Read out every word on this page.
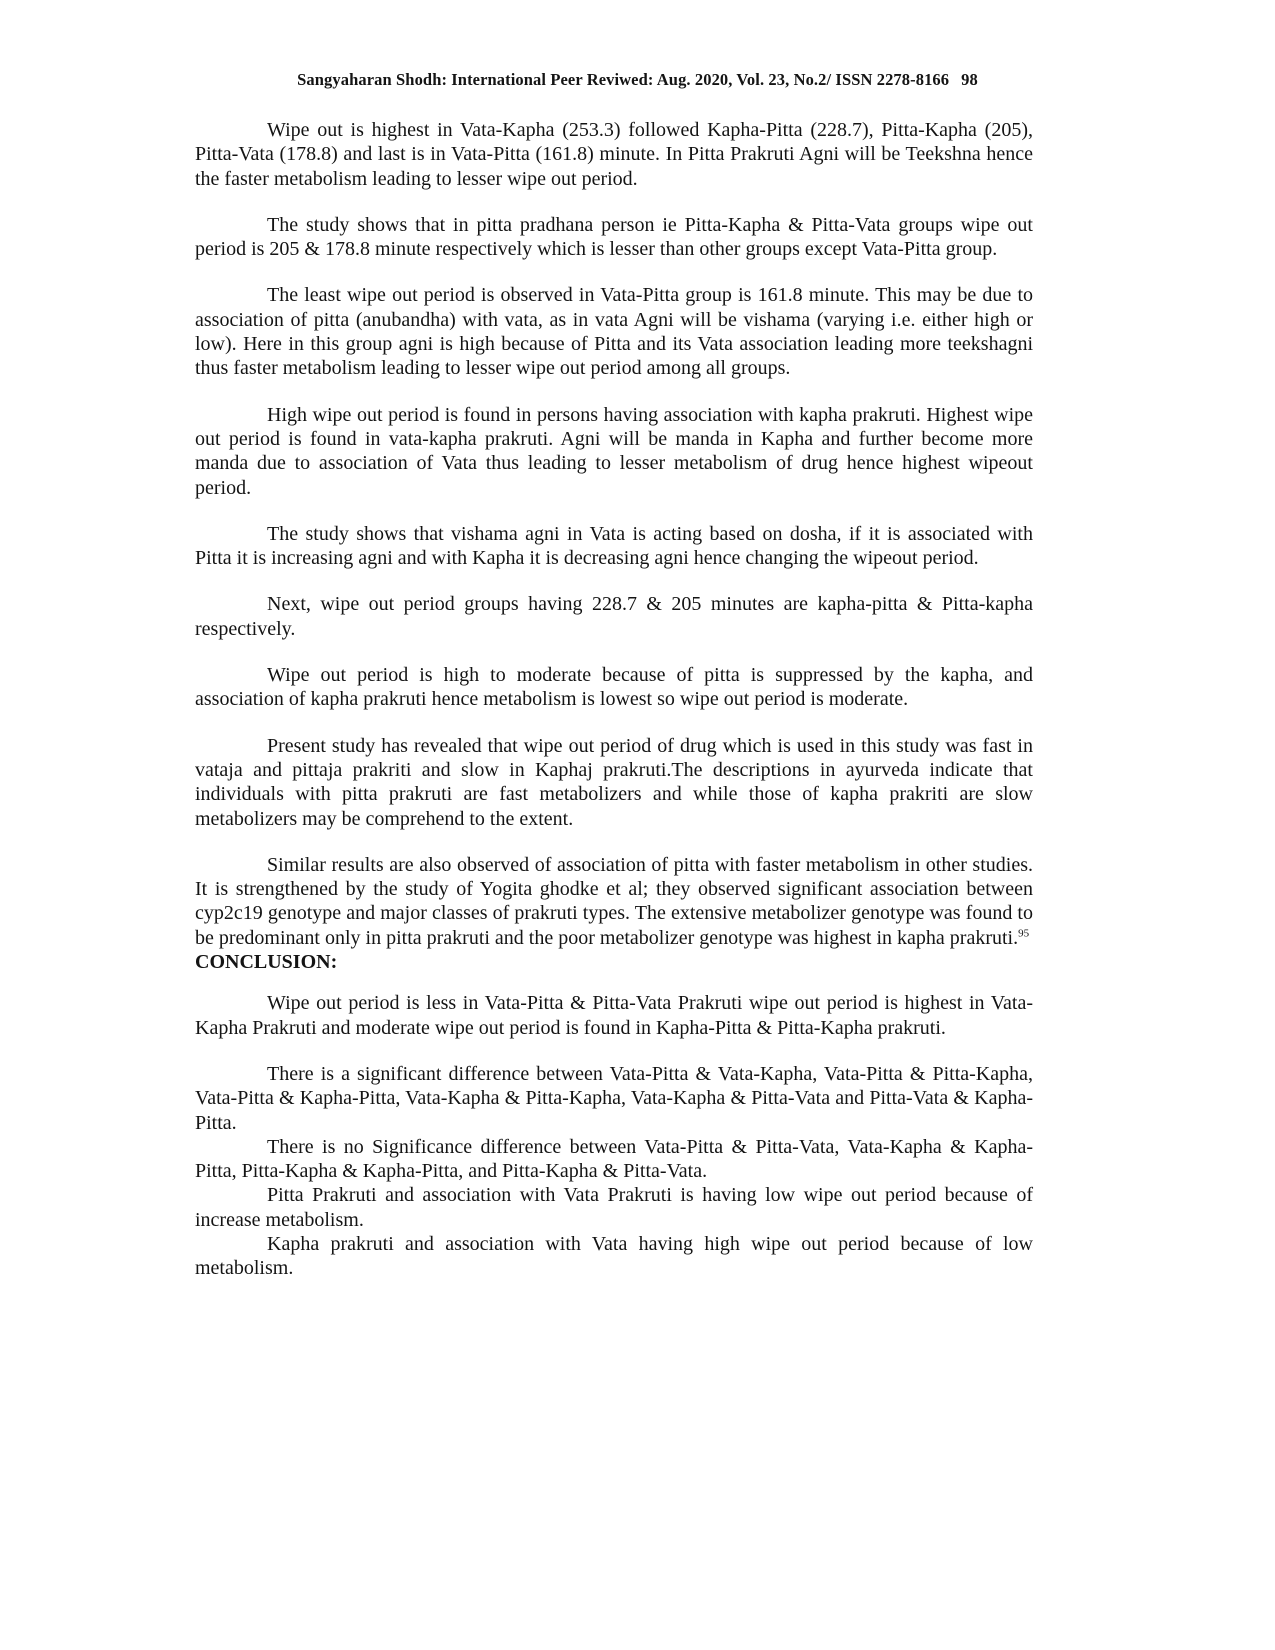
Sangyaharan Shodh: International Peer Reviwed: Aug. 2020, Vol. 23, No.2/ ISSN 2278-8166 98

Wipe out is highest in Vata-Kapha (253.3) followed Kapha-Pitta (228.7), Pitta-Kapha (205), Pitta-Vata (178.8) and last is in Vata-Pitta (161.8) minute. In Pitta Prakruti Agni will be Teekshna hence the faster metabolism leading to lesser wipe out period.

The study shows that in pitta pradhana person ie Pitta-Kapha & Pitta-Vata groups wipe out period is 205 & 178.8 minute respectively which is lesser than other groups except Vata-Pitta group.

The least wipe out period is observed in Vata-Pitta group is 161.8 minute. This may be due to association of pitta (anubandha) with vata, as in vata Agni will be vishama (varying i.e. either high or low). Here in this group agni is high because of Pitta and its Vata association leading more teekshagni thus faster metabolism leading to lesser wipe out period among all groups.

High wipe out period is found in persons having association with kapha prakruti. Highest wipe out period is found in vata-kapha prakruti. Agni will be manda in Kapha and further become more manda due to association of Vata thus leading to lesser metabolism of drug hence highest wipeout period.

The study shows that vishama agni in Vata is acting based on dosha, if it is associated with Pitta it is increasing agni and with Kapha it is decreasing agni hence changing the wipeout period.

Next, wipe out period groups having 228.7 & 205 minutes are kapha-pitta & Pitta-kapha respectively.

Wipe out period is high to moderate because of pitta is suppressed by the kapha, and association of kapha prakruti hence metabolism is lowest so wipe out period is moderate.

Present study has revealed that wipe out period of drug which is used in this study was fast in vataja and pittaja prakriti and slow in Kaphaj prakruti.The descriptions in ayurveda indicate that individuals with pitta prakruti are fast metabolizers and while those of kapha prakriti are slow metabolizers may be comprehend to the extent.

Similar results are also observed of association of pitta with faster metabolism in other studies. It is strengthened by the study of Yogita ghodke et al; they observed significant association between cyp2c19 genotype and major classes of prakruti types. The extensive metabolizer genotype was found to be predominant only in pitta prakruti and the poor metabolizer genotype was highest in kapha prakruti.$^{95}$

CONCLUSION:

Wipe out period is less in Vata-Pitta & Pitta-Vata Prakruti wipe out period is highest in Vata-Kapha Prakruti and moderate wipe out period is found in Kapha-Pitta & Pitta-Kapha prakruti.

There is a significant difference between Vata-Pitta & Vata-Kapha, Vata-Pitta & Pitta-Kapha, Vata-Pitta & Kapha-Pitta, Vata-Kapha & Pitta-Kapha, Vata-Kapha & Pitta-Vata and Pitta-Vata & Kapha-Pitta.

There is no Significance difference between Vata-Pitta & Pitta-Vata, Vata-Kapha & Kapha-Pitta, Pitta-Kapha & Kapha-Pitta, and Pitta-Kapha & Pitta-Vata.

Pitta Prakruti and association with Vata Prakruti is having low wipe out period because of increase metabolism.

Kapha prakruti and association with Vata having high wipe out period because of low metabolism.
